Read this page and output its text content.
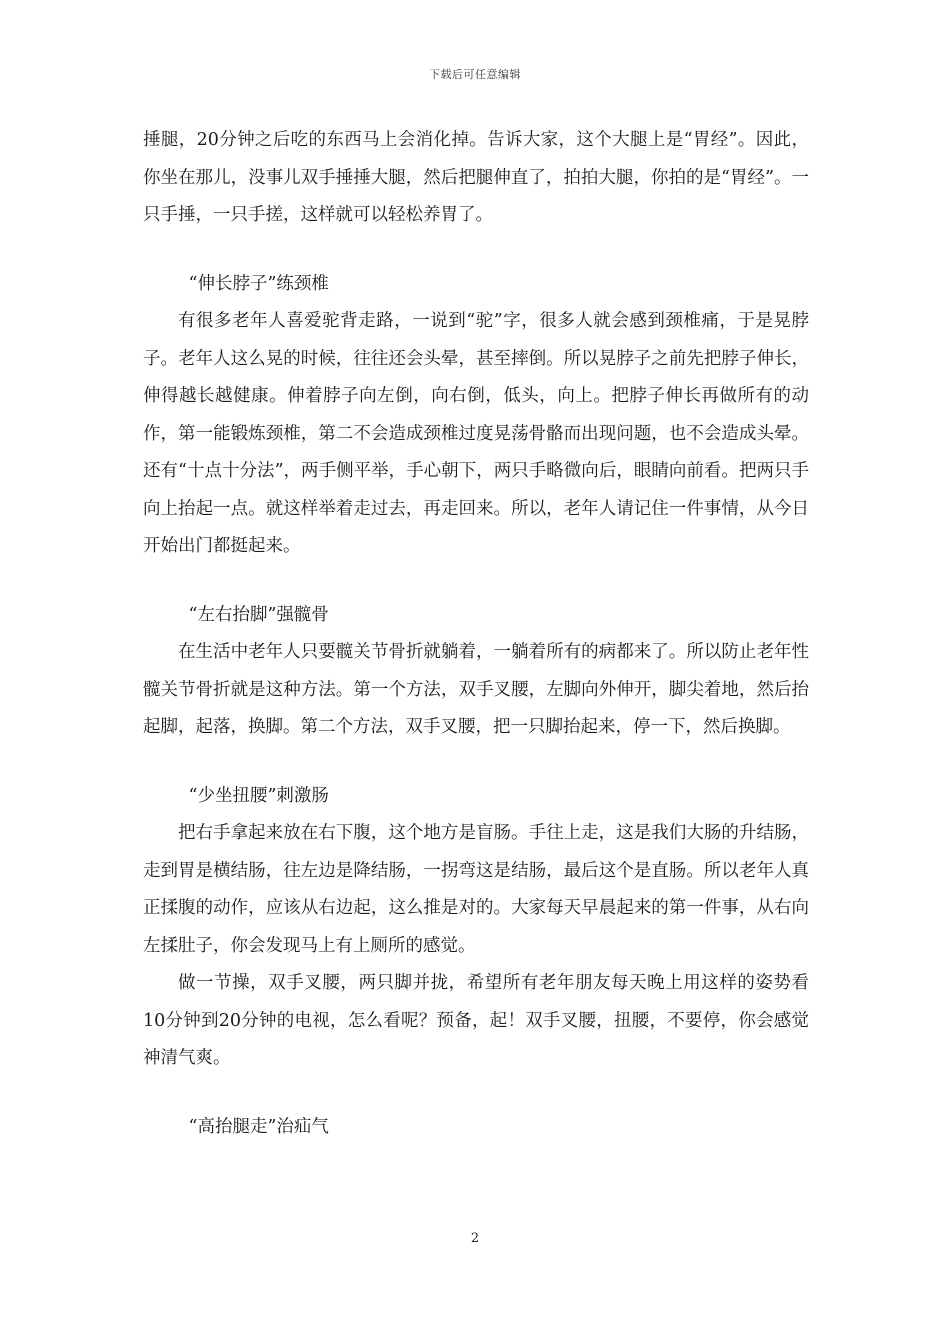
下载后可任意编辑

捶腿，20分钟之后吃的东西马上会消化掉。告诉大家，这个大腿上是“胃经”。因此，你坐在那儿，没事儿双手捶捶大腿，然后把腿伸直了，拍拍大腿，你拍的是“胃经”。一只手捶，一只手搓，这样就可以轻松养胃了。

“伸长脖子”练颈椎

有很多老年人喜爱驼背走路，一说到“驼”字，很多人就会感到颈椎痛，于是晃脖子。老年人这么晃的时候，往往还会头晕，甚至摔倒。所以晃脖子之前先把脖子伸长，伸得越长越健康。伸着脖子向左倒，向右倒，低头，向上。把脖子伸长再做所有的动作，第一能锻炼颈椎，第二不会造成颈椎过度晃荡骨骼而出现问题，也不会造成头晕。还有“十点十分法”，两手侧平举，手心朝下，两只手略微向后，眼睛向前看。把两只手向上抬起一点。就这样举着走过去，再走回来。所以，老年人请记住一件事情，从今日开始出门都挺起来。

“左右抬脚”强髋骨

在生活中老年人只要髋关节骨折就躺着，一躺着所有的病都来了。所以防止老年性髋关节骨折就是这种方法。第一个方法，双手叉腰，左脚向外伸开，脚尖着地，然后抬起脚，起落，换脚。第二个方法，双手叉腰，把一只脚抬起来，停一下，然后换脚。

“少坐扭腰”刺激肠

把右手拿起来放在右下腹，这个地方是盲肠。手往上走，这是我们大肠的升结肠，走到胃是横结肠，往左边是降结肠，一拐弯这是结肠，最后这个是直肠。所以老年人真正揉腹的动作，应该从右边起，这么推是对的。大家每天早晨起来的第一件事，从右向左揉肚子，你会发现马上有上厕所的感觉。

做一节操，双手叉腰，两只脚并拢，希望所有老年朋友每天晚上用这样的姿势看10分钟到20分钟的电视，怎么看呢？预备，起！双手叉腰，扭腰，不要停，你会感觉神清气爽。

“高抬腿走”治疝气

2
